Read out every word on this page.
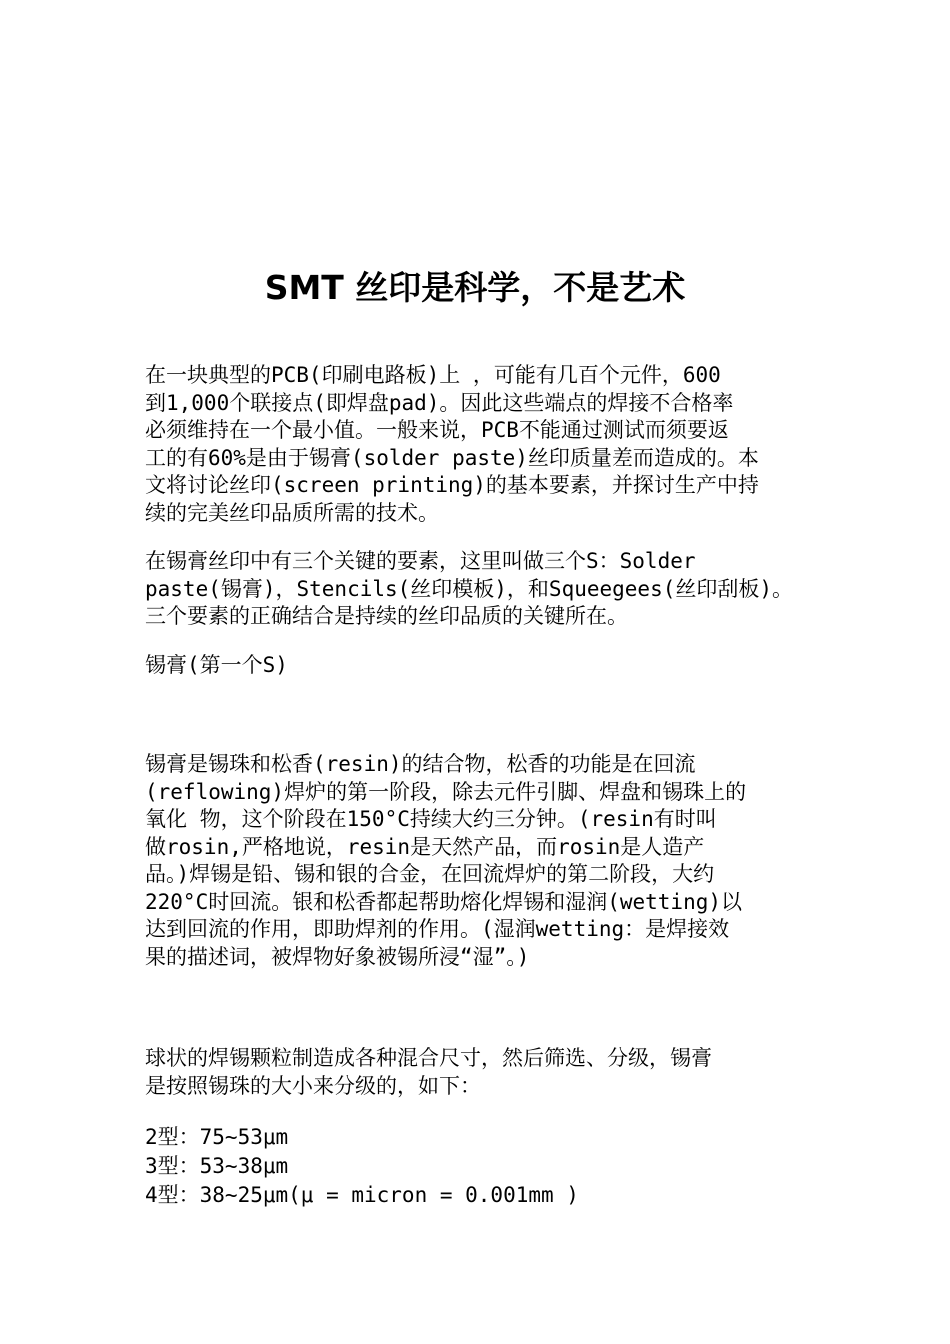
SMT 丝印是科学，不是艺术
在一块典型的PCB(印刷电路板)上 ，可能有几百个元件，600
到1,000个联接点(即焊盘pad)。因此这些端点的焊接不合格率
必须维持在一个最小值。一般来说，PCB不能通过测试而须要返
工的有60%是由于锡膏(solder paste)丝印质量差而造成的。本
文将讨论丝印(screen printing)的基本要素，并探讨生产中持
续的完美丝印品质所需的技术。
在锡膏丝印中有三个关键的要素，这里叫做三个S：Solder
paste(锡膏)，Stencils(丝印模板)，和Squeegees(丝印刮板)。
三个要素的正确结合是持续的丝印品质的关键所在。
锡膏(第一个S)
锡膏是锡珠和松香(resin)的结合物，松香的功能是在回流
(reflowing)焊炉的第一阶段，除去元件引脚、焊盘和锡珠上的
氧化 物，这个阶段在150°C持续大约三分钟。(resin有时叫
做rosin,严格地说，resin是天然产品，而rosin是人造产
品。)焊锡是铅、锡和银的合金，在回流焊炉的第二阶段，大约
220°C时回流。银和松香都起帮助熔化焊锡和湿润(wetting)以
达到回流的作用，即助焊剂的作用。(湿润wetting：是焊接效
果的描述词，被焊物好象被锡所浸“湿”。)
球状的焊锡颗粒制造成各种混合尺寸，然后筛选、分级，锡膏
是按照锡珠的大小来分级的，如下：
2型：75~53μm
3型：53~38μm
4型：38~25μm(μ = micron = 0.001mm )
